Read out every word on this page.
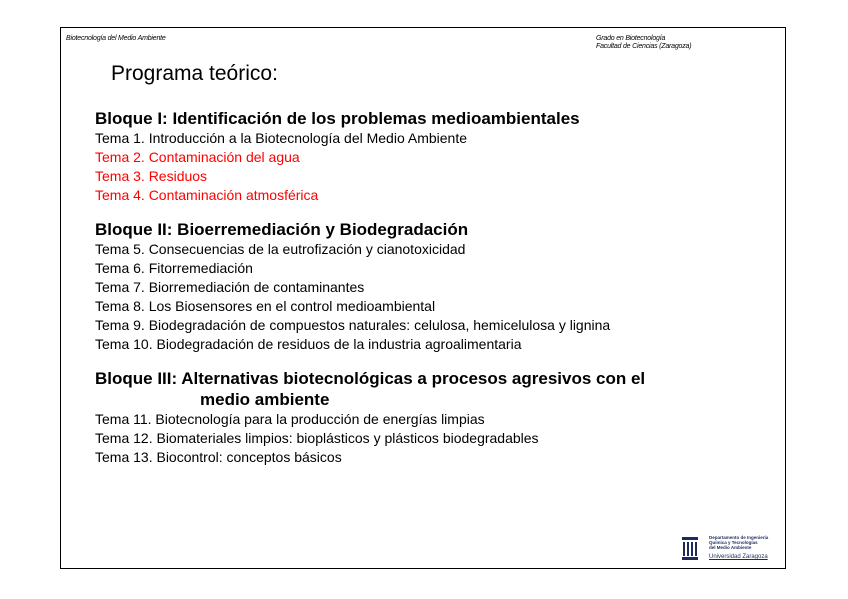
Biotecnología del Medio Ambiente	Grado en Biotecnología
Facultad de Ciencias (Zaragoza)
Programa teórico:
Bloque I: Identificación de los problemas medioambientales
Tema 1. Introducción a la Biotecnología del Medio Ambiente
Tema 2. Contaminación del agua
Tema 3. Residuos
Tema 4. Contaminación atmosférica
Bloque II: Bioerremediación y Biodegradación
Tema 5. Consecuencias de la eutrofización y cianotoxicidad
Tema 6. Fitorremediación
Tema 7. Biorremediación de contaminantes
Tema 8. Los Biosensores en el control medioambiental
Tema 9. Biodegradación de compuestos naturales: celulosa, hemicelulosa y lignina
Tema 10. Biodegradación de residuos de la industria agroalimentaria
Bloque III: Alternativas biotecnológicas a procesos agresivos con el
medio ambiente
Tema 11. Biotecnología para la producción de energías limpias
Tema 12. Biomateriales limpios: bioplásticos y plásticos biodegradables
Tema 13. Biocontrol: conceptos básicos
Departamento de Ingeniería
Química y Tecnologías
del Medio Ambiente
Universidad Zaragoza
